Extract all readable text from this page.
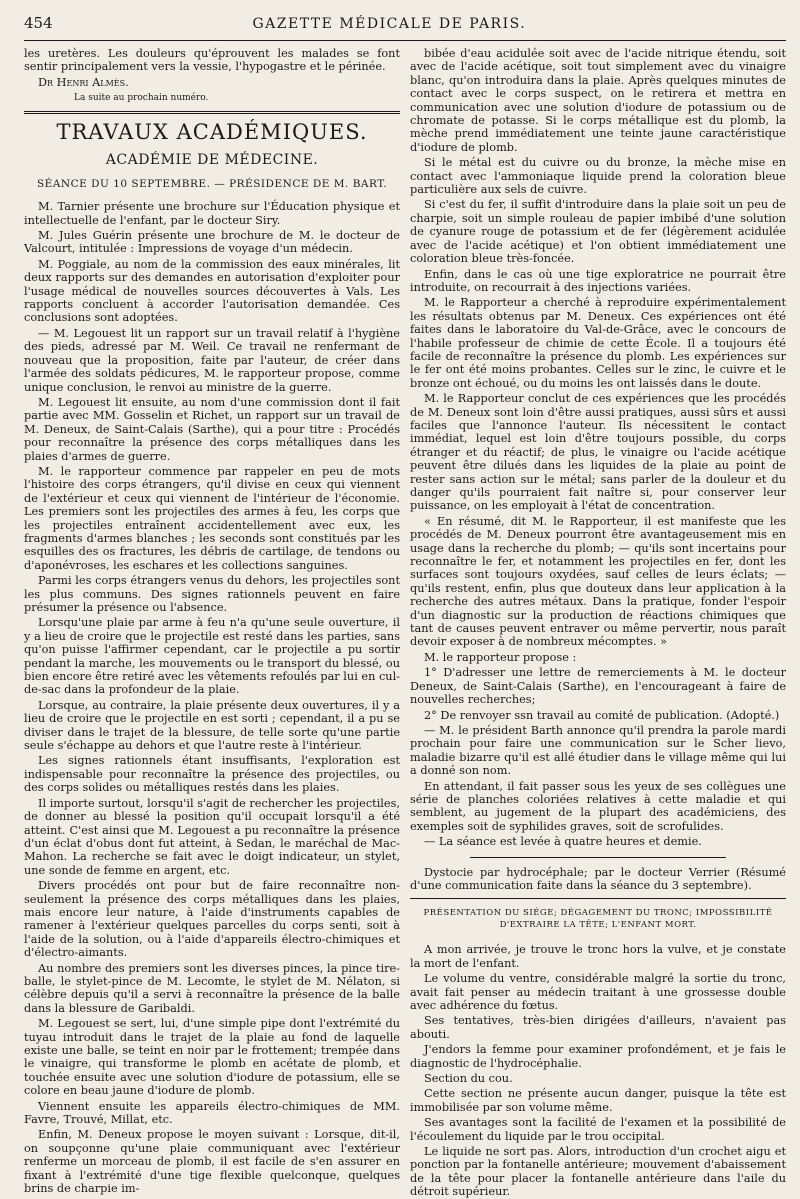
454	GAZETTE MÉDICALE DE PARIS.

les uretères. Les douleurs qu'éprouvent les malades se font sentir principalement vers la vessie, l'hypogastre et le périnée.

Dr Henri Almès.

La suite au prochain numéro.
TRAVAUX ACADÉMIQUES.
ACADÉMIE DE MÉDECINE.
SÉANCE DU 10 SEPTEMBRE. — PRÉSIDENCE DE M. BART.

M. Tarnier présente une brochure sur l'Éducation physique et intellectuelle de l'enfant, par le docteur Siry.

M. Jules Guérin présente une brochure de M. le docteur de Valcourt, intitulée : Impressions de voyage d'un médecin.

M. Poggiale, au nom de la commission des eaux minérales, lit deux rapports sur des demandes en autorisation d'exploiter pour l'usage médical de nouvelles sources découvertes à Vals. Les rapports concluent à accorder l'autorisation demandée. Ces conclusions sont adoptées.

— M. Legouest lit un rapport sur un travail relatif à l'hygiène des pieds, adressé par M. Weil. Ce travail ne renfermant de nouveau que la proposition, faite par l'auteur, de créer dans l'armée des soldats pédicures, M. le rapporteur propose, comme unique conclusion, le renvoi au ministre de la guerre.

M. Legouest lit ensuite, au nom d'une commission dont il fait partie avec MM. Gosselin et Richet, un rapport sur un travail de M. Deneux, de Saint-Calais (Sarthe), qui a pour titre : Procédés pour reconnaître la présence des corps métalliques dans les plaies d'armes de guerre.

M. le rapporteur commence par rappeler en peu de mots l'histoire des corps étrangers, qu'il divise en ceux qui viennent de l'extérieur et ceux qui viennent de l'intérieur de l'économie. Les premiers sont les projectiles des armes à feu, les corps que les projectiles entraînent accidentellement avec eux, les fragments d'armes blanches ; les seconds sont constitués par les esquilles des os fractures, les débris de cartilage, de tendons ou d'aponévroses, les eschares et les collections sanguines.

Parmi les corps étrangers venus du dehors, les projectiles sont les plus communs. Des signes rationnels peuvent en faire présumer la présence ou l'absence.

Lorsqu'une plaie par arme à feu n'a qu'une seule ouverture, il y a lieu de croire que le projectile est resté dans les parties, sans qu'on puisse l'affirmer cependant, car le projectile a pu sortir pendant la marche, les mouvements ou le transport du blessé, ou bien encore être retiré avec les vêtements refoulés par lui en cul-de-sac dans la profondeur de la plaie.

Lorsque, au contraire, la plaie présente deux ouvertures, il y a lieu de croire que le projectile en est sorti ; cependant, il a pu se diviser dans le trajet de la blessure, de telle sorte qu'une partie seule s'échappe au dehors et que l'autre reste à l'intérieur.

Les signes rationnels étant insuffisants, l'exploration est indispensable pour reconnaître la présence des projectiles, ou des corps solides ou métalliques restés dans les plaies.

Il importe surtout, lorsqu'il s'agit de rechercher les projectiles, de donner au blessé la position qu'il occupait lorsqu'il a été atteint. C'est ainsi que M. Legouest a pu reconnaître la présence d'un éclat d'obus dont fut atteint, à Sedan, le maréchal de Mac-Mahon. La recherche se fait avec le doigt indicateur, un stylet, une sonde de femme en argent, etc.

Divers procédés ont pour but de faire reconnaître non-seulement la présence des corps métalliques dans les plaies, mais encore leur nature, à l'aide d'instruments capables de ramener à l'extérieur quelques parcelles du corps senti, soit à l'aide de la solution, ou à l'aide d'appareils électro-chimiques et d'électro-aimants.

Au nombre des premiers sont les diverses pinces, la pince tire-balle, le stylet-pince de M. Lecomte, le stylet de M. Nélaton, si célèbre depuis qu'il a servi à reconnaître la présence de la balle dans la blessure de Garibaldi.

M. Legouest se sert, lui, d'une simple pipe dont l'extrémité du tuyau introduit dans le trajet de la plaie au fond de laquelle existe une balle, se teint en noir par le frottement; trempée dans le vinaigre, qui transforme le plomb en acétate de plomb, et touchée ensuite avec une solution d'iodure de potassium, elle se colore en beau jaune d'iodure de plomb.

Viennent ensuite les appareils électro-chimiques de MM. Favre, Trouvé, Millat, etc.

Enfin, M. Deneux propose le moyen suivant : Lorsque, dit-il, on soupçonne qu'une plaie communiquant avec l'extérieur renferme un morceau de plomb, il est facile de s'en assurer en fixant à l'extrémité d'une tige flexible quelconque, quelques brins de charpie im-

bibée d'eau acidulée soit avec de l'acide nitrique étendu, soit avec de l'acide acétique, soit tout simplement avec du vinaigre blanc, qu'on introduira dans la plaie. Après quelques minutes de contact avec le corps suspect, on le retirera et mettra en communication avec une solution d'iodure de potassium ou de chromate de potasse. Si le corps métallique est du plomb, la mèche prend immédiatement une teinte jaune caractéristique d'iodure de plomb.

Si le métal est du cuivre ou du bronze, la mèche mise en contact avec l'ammoniaque liquide prend la coloration bleue particulière aux sels de cuivre.

Si c'est du fer, il suffit d'introduire dans la plaie soit un peu de charpie, soit un simple rouleau de papier imbibé d'une solution de cyanure rouge de potassium et de fer (légèrement acidulée avec de l'acide acétique) et l'on obtient immédiatement une coloration bleue très-foncée.

Enfin, dans le cas où une tige exploratrice ne pourrait être introduite, on recourrait à des injections variées.

M. le Rapporteur a cherché à reproduire expérimentalement les résultats obtenus par M. Deneux. Ces expériences ont été faites dans le laboratoire du Val-de-Grâce, avec le concours de l'habile professeur de chimie de cette École. Il a toujours été facile de reconnaître la présence du plomb. Les expériences sur le fer ont été moins probantes. Celles sur le zinc, le cuivre et le bronze ont échoué, ou du moins les ont laissés dans le doute.

M. le Rapporteur conclut de ces expériences que les procédés de M. Deneux sont loin d'être aussi pratiques, aussi sûrs et aussi faciles que l'annonce l'auteur. Ils nécessitent le contact immédiat, lequel est loin d'être toujours possible, du corps étranger et du réactif; de plus, le vinaigre ou l'acide acétique peuvent être dilués dans les liquides de la plaie au point de rester sans action sur le métal; sans parler de la douleur et du danger qu'ils pourraient fait naître si, pour conserver leur puissance, on les employait à l'état de concentration.

« En résumé, dit M. le Rapporteur, il est manifeste que les procédés de M. Deneux pourront être avantageusement mis en usage dans la recherche du plomb; — qu'ils sont incertains pour reconnaître le fer, et notamment les projectiles en fer, dont les surfaces sont toujours oxydées, sauf celles de leurs éclats; — qu'ils restent, enfin, plus que douteux dans leur application à la recherche des autres métaux. Dans la pratique, fonder l'espoir d'un diagnostic sur la production de réactions chimiques que tant de causes peuvent entraver ou même pervertir, nous paraît devoir exposer à de nombreux mécomptes. »

M. le rapporteur propose :

1° D'adresser une lettre de remerciements à M. le docteur Deneux, de Saint-Calais (Sarthe), en l'encourageant à faire de nouvelles recherches;

2° De renvoyer ssn travail au comité de publication. (Adopté.)

— M. le président Barth annonce qu'il prendra la parole mardi prochain pour faire une communication sur le Scher lievo, maladie bizarre qu'il est allé étudier dans le village même qui lui a donné son nom.

En attendant, il fait passer sous les yeux de ses collègues une série de planches coloriées relatives à cette maladie et qui semblent, au jugement de la plupart des académiciens, des exemples soit de syphilides graves, soit de scrofulides.

— La séance est levée à quatre heures et demie.

Dystocie par hydrocéphale; par le docteur Verrier (Résumé d'une communication faite dans la séance du 3 septembre).

PRÉSENTATION DU SIÉGE; DÉGAGEMENT DU TRONC; IMPOSSIBILITÉ D'EXTRAIRE LA TÊTE; L'ENFANT MORT.

A mon arrivée, je trouve le tronc hors la vulve, et je constate la mort de l'enfant.

Le volume du ventre, considérable malgré la sortie du tronc, avait fait penser au médecin traitant à une grossesse double avec adhérence du fœtus.

Ses tentatives, très-bien dirigées d'ailleurs, n'avaient pas abouti.

J'endors la femme pour examiner profondément, et je fais le diagnostic de l'hydrocéphalie.

Section du cou.

Cette section ne présente aucun danger, puisque la tête est immobilisée par son volume même.

Ses avantages sont la facilité de l'examen et la possibilité de l'écoulement du liquide par le trou occipital.

Le liquide ne sort pas. Alors, introduction d'un crochet aigu et ponction par la fontanelle antérieure; mouvement d'abaissement de la tête pour placer la fontanelle antérieure dans l'aile du détroit supérieur.
